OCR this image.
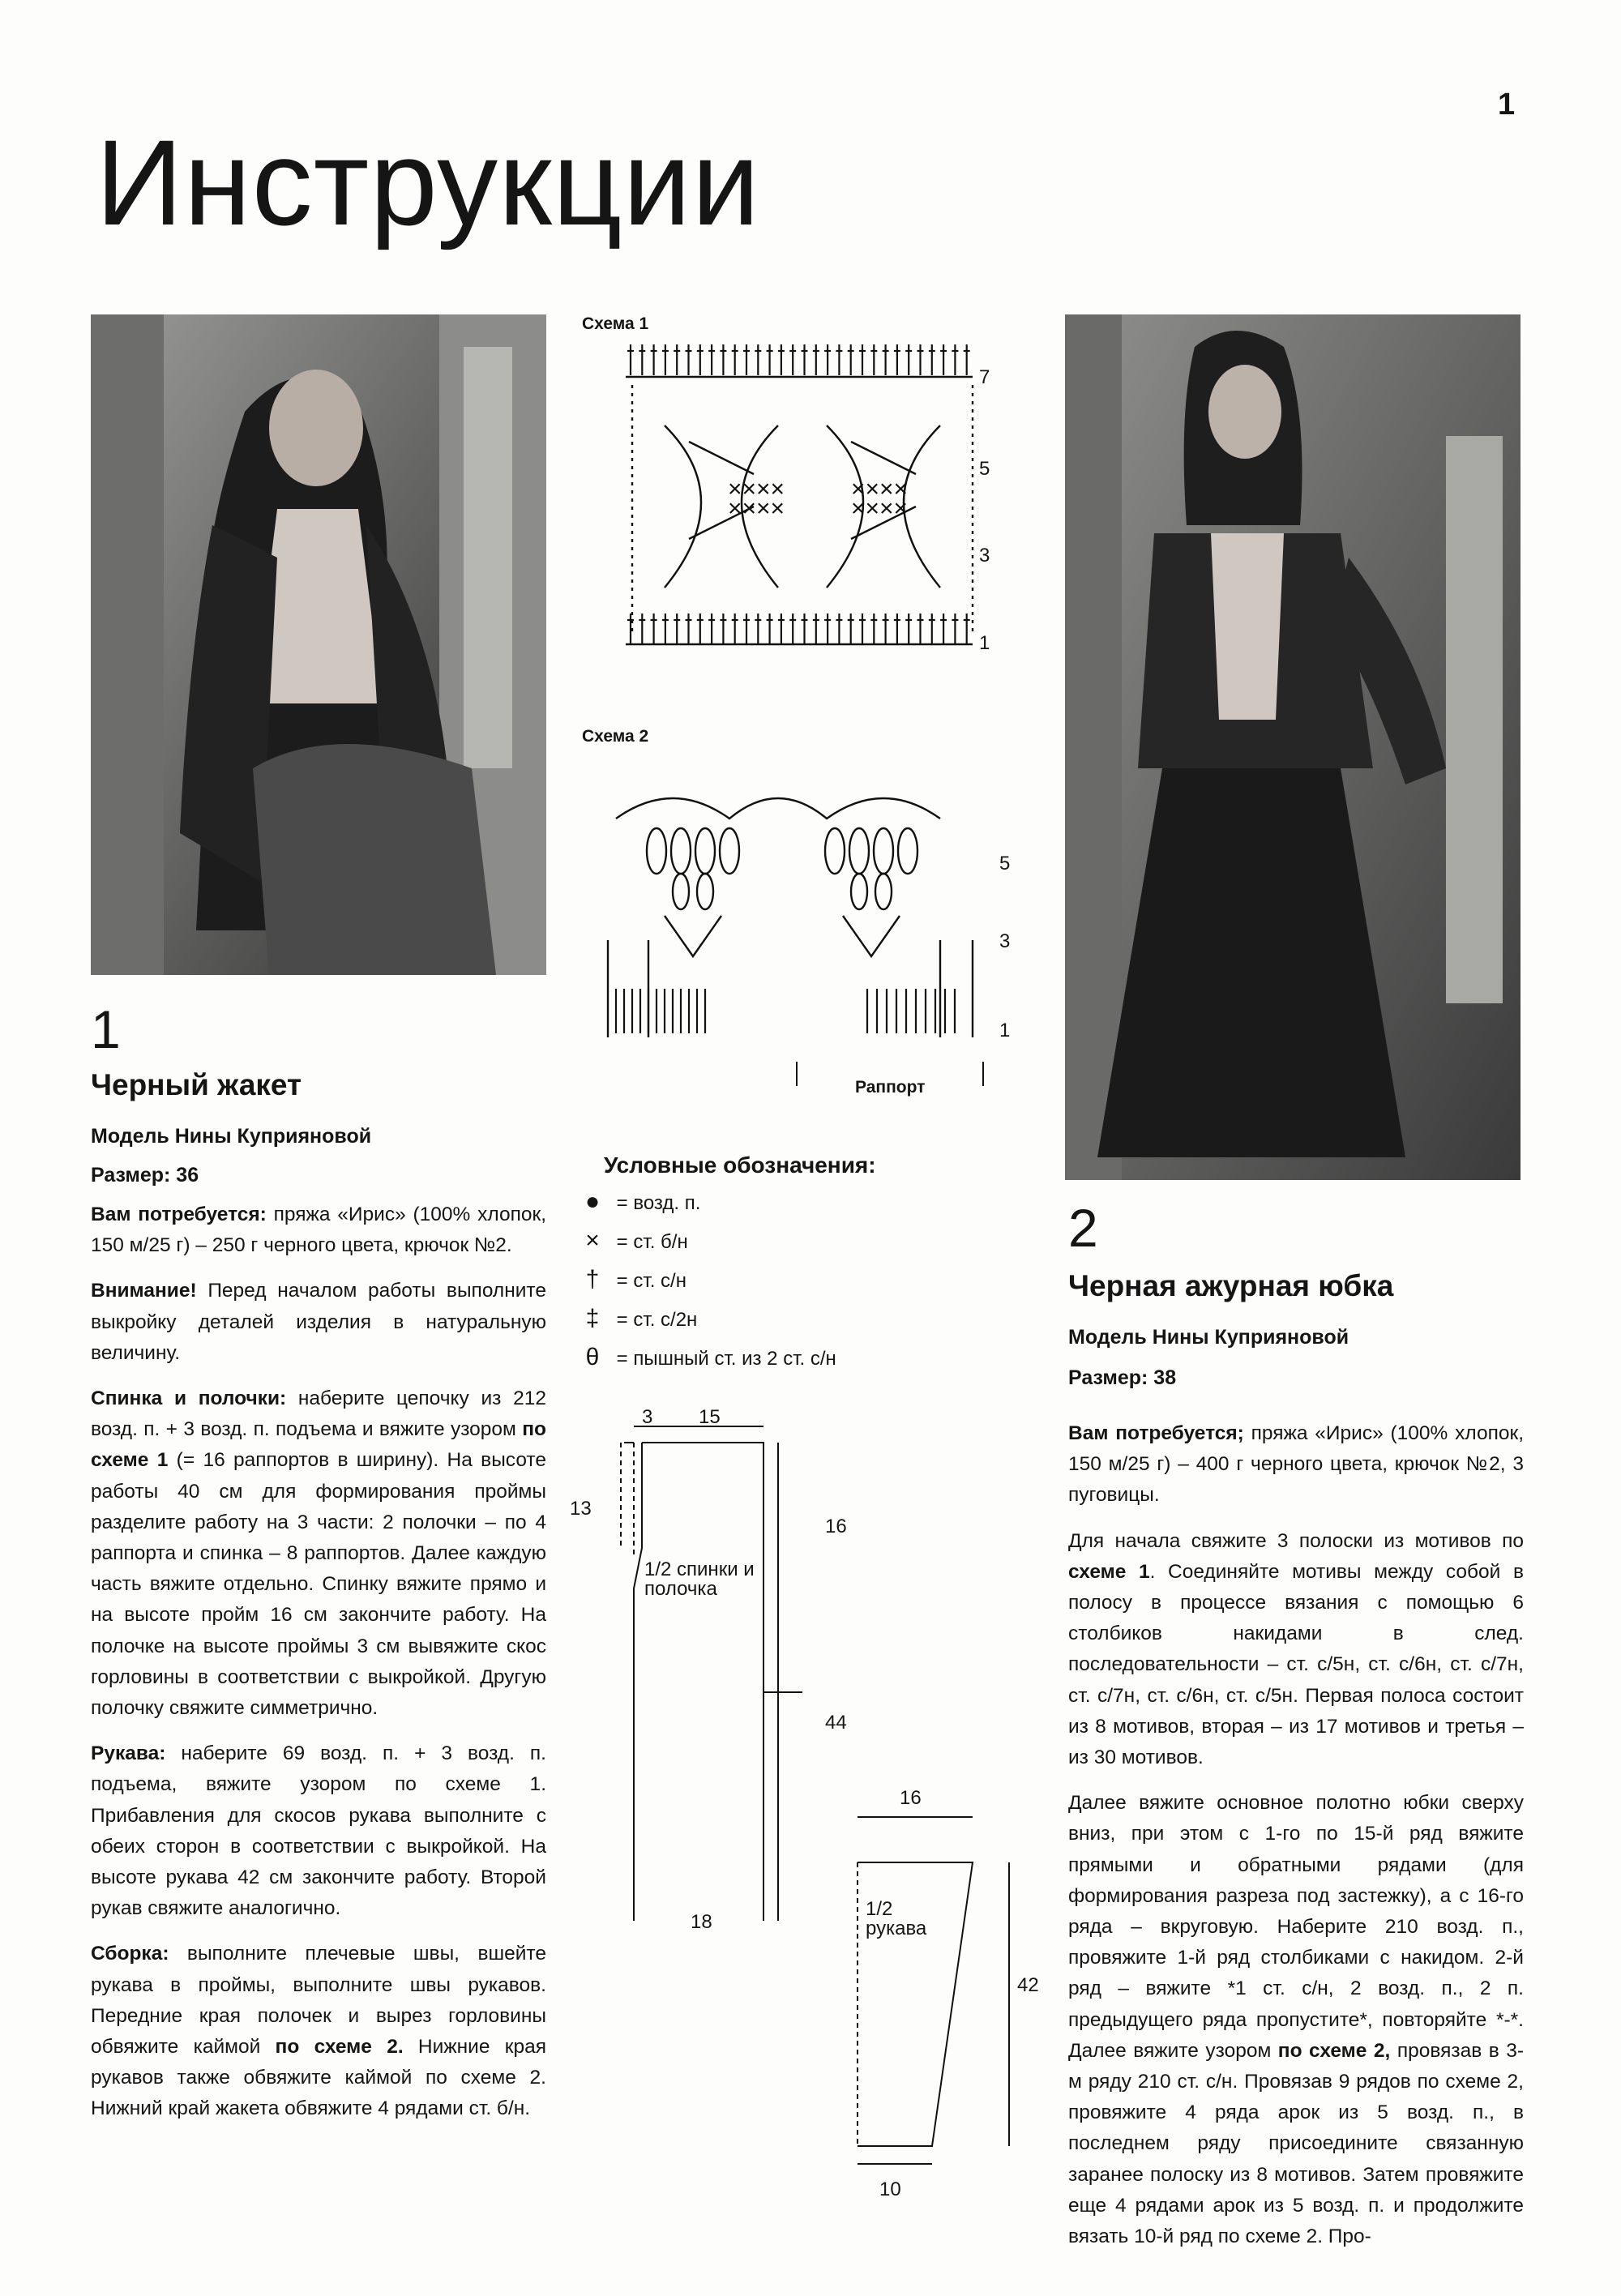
1
Инструкции
Схема 1
××××
××××
××××
××××
7
5
3
1
Схема 2
5
3
1
Раппорт
Условные обозначения:
● = возд. п.
× = ст. б/н
† = ст. с/н
‡ = ст. с/2н
θ = пышный ст. из 2 ст. с/н
3 15
13
16
44
18
1/2 спинки и полочка
16
42
10
1/2 рукава
1
Черный жакет
Модель Нины Куприяновой
Размер: 36

Вам потребуется: пряжа «Ирис» (100% хлопок, 150 м/25 г) – 250 г черного цвета, крючок №2.

Внимание! Перед началом работы выполните выкройку деталей изделия в натуральную величину.

Спинка и полочки: наберите цепочку из 212 возд. п. + 3 возд. п. подъема и вяжите узором по схеме 1 (= 16 раппортов в ширину). На высоте работы 40 см для формирования проймы разделите работу на 3 части: 2 полочки – по 4 раппорта и спинка – 8 раппортов. Далее каждую часть вяжите отдельно. Спинку вяжите прямо и на высоте пройм 16 см закончите работу. На полочке на высоте проймы 3 см вывяжите скос горловины в соответствии с выкройкой. Другую полочку свяжите симметрично.

Рукава: наберите 69 возд. п. + 3 возд. п. подъема, вяжите узором по схеме 1. Прибавления для скосов рукава выполните с обеих сторон в соответствии с выкройкой. На высоте рукава 42 см закончите работу. Второй рукав свяжите аналогично.

Сборка: выполните плечевые швы, вшейте рукава в проймы, выполните швы рукавов. Передние края полочек и вырез горловины обвяжите каймой по схеме 2. Нижние края рукавов также обвяжите каймой по схеме 2. Нижний край жакета обвяжите 4 рядами ст. б/н.

2
Черная ажурная юбка
Модель Нины Куприяновой
Размер: 38

Вам потребуется; пряжа «Ирис» (100% хлопок, 150 м/25 г) – 400 г черного цвета, крючок №2, 3 пуговицы.

Для начала свяжите 3 полоски из мотивов по схеме 1. Соединяйте мотивы между собой в полосу в процессе вязания с помощью 6 столбиков накидами в след. последовательности – ст. с/5н, ст. с/6н, ст. с/7н, ст. с/7н, ст. с/6н, ст. с/5н. Первая полоса состоит из 8 мотивов, вторая – из 17 мотивов и третья – из 30 мотивов.

Далее вяжите основное полотно юбки сверху вниз, при этом с 1-го по 15-й ряд вяжите прямыми и обратными рядами (для формирования разреза под застежку), а с 16-го ряда – вкруговую. Наберите 210 возд. п., провяжите 1-й ряд столбиками с накидом. 2-й ряд – вяжите *1 ст. с/н, 2 возд. п., 2 п. предыдущего ряда пропустите*, повторяйте *-*. Далее вяжите узором по схеме 2, провязав в 3-м ряду 210 ст. с/н. Провязав 9 рядов по схеме 2, провяжите 4 ряда арок из 5 возд. п., в последнем ряду присоедините связанную заранее полоску из 8 мотивов. Затем провяжите еще 4 рядами арок из 5 возд. п. и продолжите вязать 10-й ряд по схеме 2. Про-
